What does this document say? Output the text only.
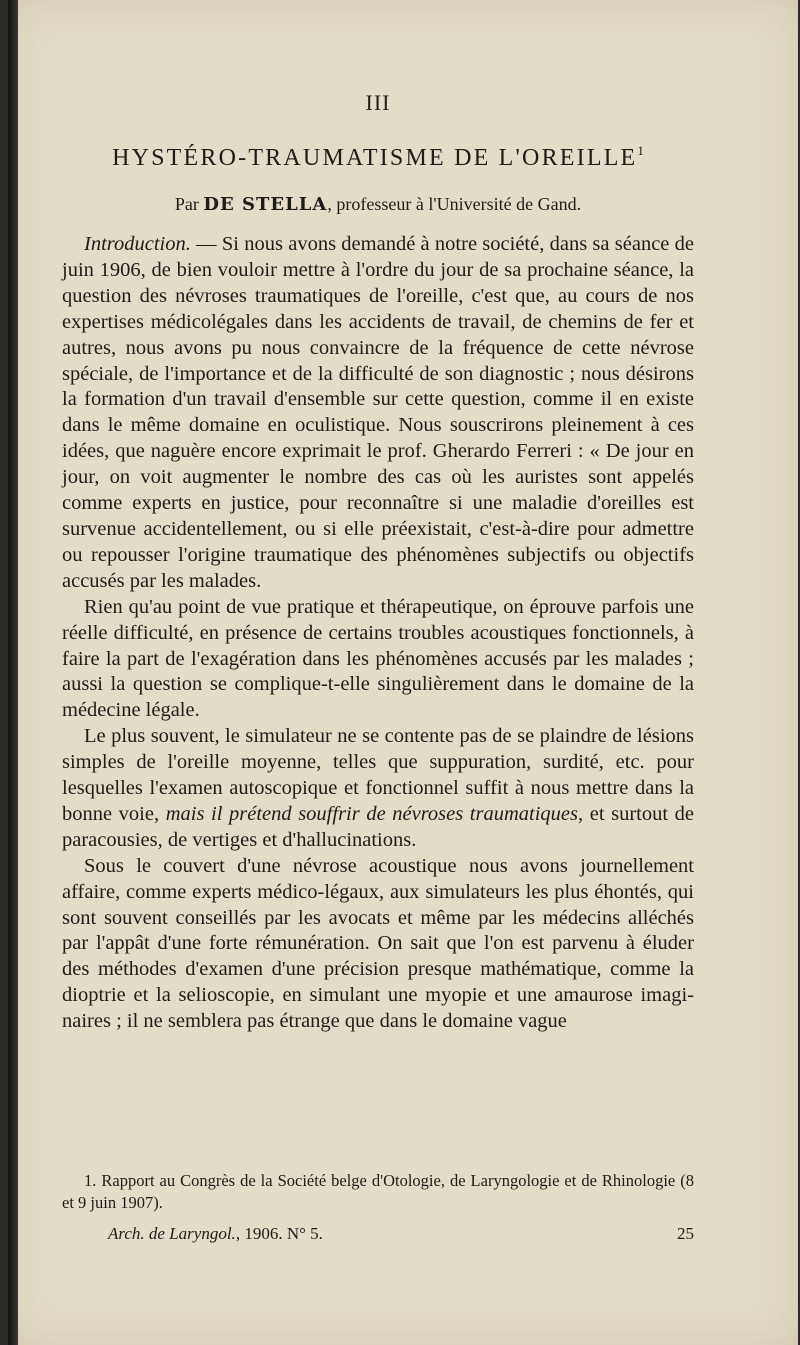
III
HYSTÉRO-TRAUMATISME DE L'OREILLE$^1$
Par DE STELLA, professeur à l'Université de Gand.

Introduction. — Si nous avons demandé à notre société, dans sa séance de juin 1906, de bien vouloir mettre à l'ordre du jour de sa prochaine séance, la question des névroses traumatiques de l'oreille, c'est que, au cours de nos expertises médicolégales dans les accidents de travail, de chemins de fer et autres, nous avons pu nous convaincre de la fréquence de cette névrose spéciale, de l'importance et de la difficulté de son diagnostic ; nous désirons la formation d'un travail d'ensemble sur cette question, comme il en existe dans le même domaine en oculistique. Nous souscrirons pleinement à ces idées, que naguère encore exprimait le prof. Gherardo Ferreri : « De jour en jour, on voit augmenter le nombre des cas où les auristes sont appelés comme experts en justice, pour reconnaître si une maladie d'oreilles est survenue accidentellement, ou si elle préexistait, c'est-à-dire pour admettre ou repousser l'origine traumatique des phénomènes subjectifs ou objectifs accusés par les malades.

Rien qu'au point de vue pratique et thérapeutique, on éprouve parfois une réelle difficulté, en présence de certains troubles acoustiques fonctionnels, à faire la part de l'exagération dans les phénomènes accusés par les malades ; aussi la question se complique-t-elle singulièrement dans le domaine de la médecine légale.

Le plus souvent, le simulateur ne se contente pas de se plaindre de lésions simples de l'oreille moyenne, telles que suppuration, surdité, etc. pour lesquelles l'examen autoscopique et fonctionnel suffit à nous mettre dans la bonne voie, mais il prétend souffrir de névroses traumatiques, et surtout de paracousies, de vertiges et d'hallucinations.

Sous le couvert d'une névrose acoustique nous avons journellement affaire, comme experts médico-légaux, aux simulateurs les plus éhontés, qui sont souvent conseillés par les avocats et même par les médecins alléchés par l'appât d'une forte rémunération. On sait que l'on est parvenu à éluder des méthodes d'examen d'une précision presque mathématique, comme la dioptrie et la selioscopie, en simulant une myopie et une amaurose imaginaires ; il ne semblera pas étrange que dans le domaine vague

1. Rapport au Congrès de la Société belge d'Otologie, de Laryngologie et de Rhinologie (8 et 9 juin 1907).

Arch. de Laryngol., 1906. N° 5.	25
